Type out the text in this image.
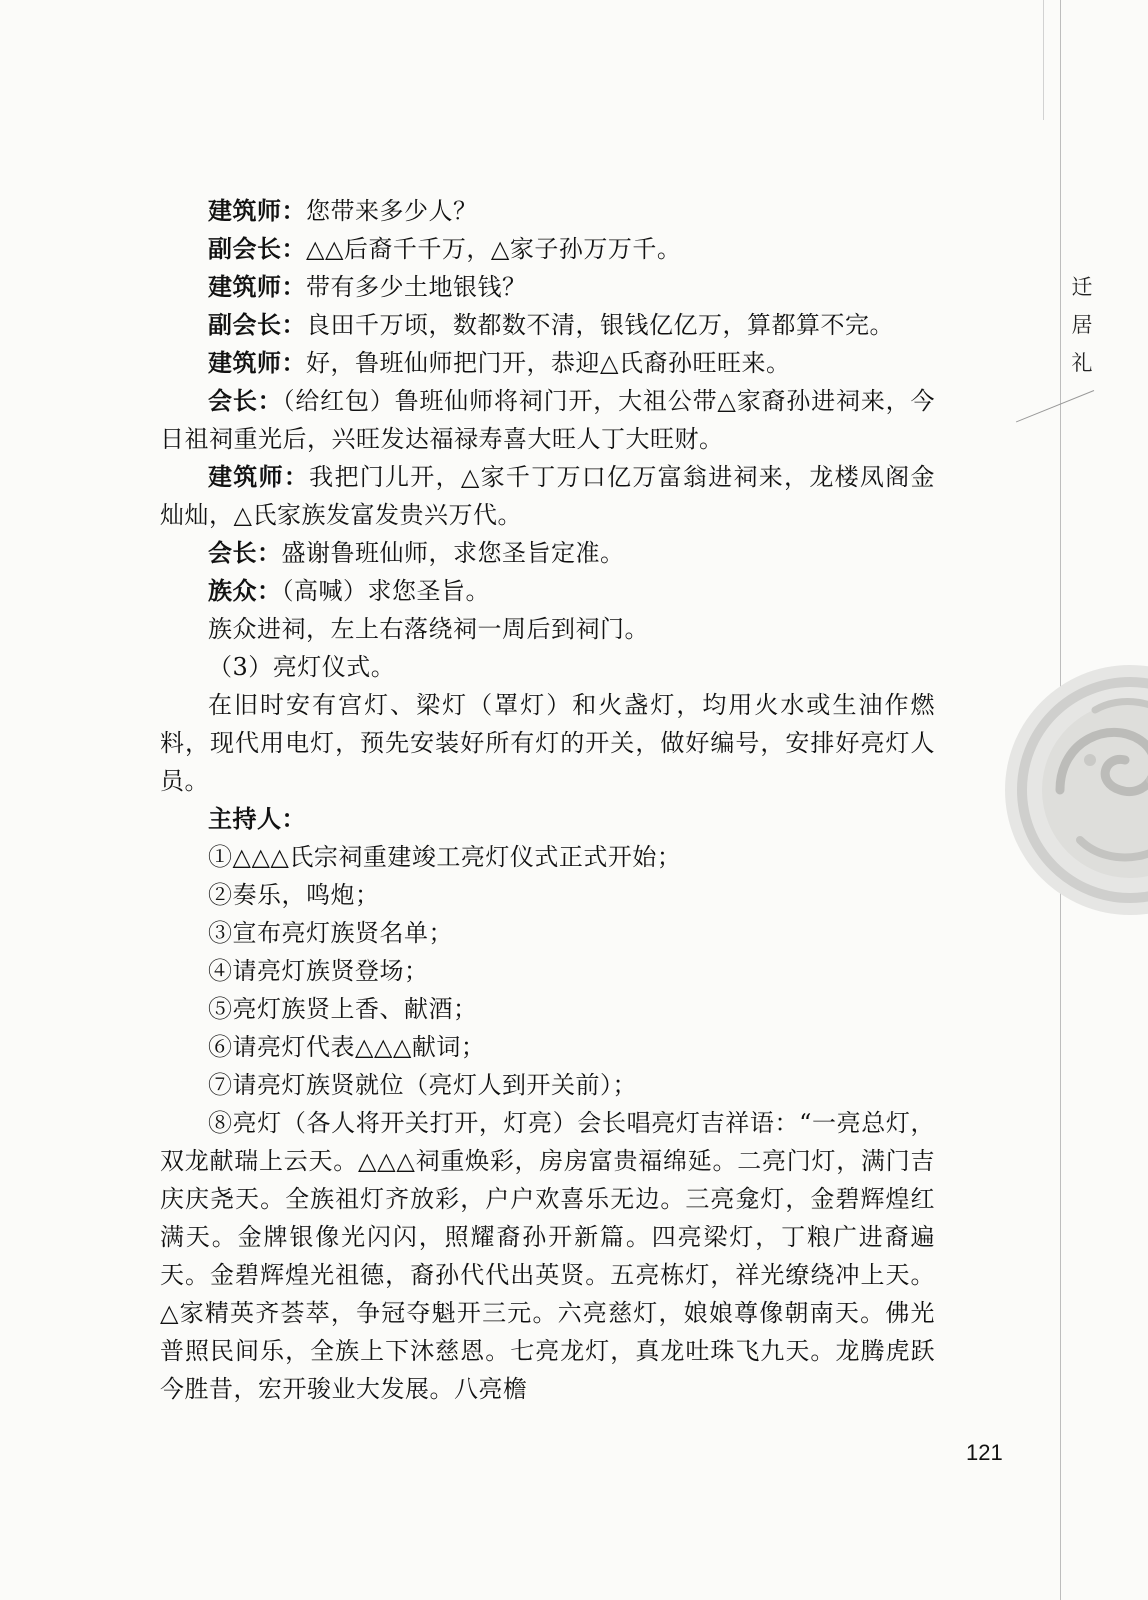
迁
居
礼

建筑师：您带来多少人？

副会长：△△后裔千千万，△家子孙万万千。

建筑师：带有多少土地银钱？

副会长：良田千万顷，数都数不清，银钱亿亿万，算都算不完。

建筑师：好，鲁班仙师把门开，恭迎△氏裔孙旺旺来。

会长：（给红包）鲁班仙师将祠门开，大祖公带△家裔孙进祠来，今日祖祠重光后，兴旺发达福禄寿喜大旺人丁大旺财。

建筑师：我把门儿开，△家千丁万口亿万富翁进祠来，龙楼凤阁金灿灿，△氏家族发富发贵兴万代。

会长：盛谢鲁班仙师，求您圣旨定准。

族众：（高喊）求您圣旨。

族众进祠，左上右落绕祠一周后到祠门。

（3）亮灯仪式。

在旧时安有宫灯、梁灯（罩灯）和火盏灯，均用火水或生油作燃料，现代用电灯，预先安装好所有灯的开关，做好编号，安排好亮灯人员。

主持人：

①△△△氏宗祠重建竣工亮灯仪式正式开始；

②奏乐，鸣炮；

③宣布亮灯族贤名单；

④请亮灯族贤登场；

⑤亮灯族贤上香、献酒；

⑥请亮灯代表△△△献词；

⑦请亮灯族贤就位（亮灯人到开关前）；

⑧亮灯（各人将开关打开，灯亮）会长唱亮灯吉祥语：“一亮总灯，双龙献瑞上云天。△△△祠重焕彩，房房富贵福绵延。二亮门灯，满门吉庆庆尧天。全族祖灯齐放彩，户户欢喜乐无边。三亮龛灯，金碧辉煌红满天。金牌银像光闪闪，照耀裔孙开新篇。四亮梁灯，丁粮广进裔遍天。金碧辉煌光祖德，裔孙代代出英贤。五亮栋灯，祥光缭绕冲上天。△家精英齐荟萃，争冠夺魁开三元。六亮慈灯，娘娘尊像朝南天。佛光普照民间乐，全族上下沐慈恩。七亮龙灯，真龙吐珠飞九天。龙腾虎跃今胜昔，宏开骏业大发展。八亮檐

121
